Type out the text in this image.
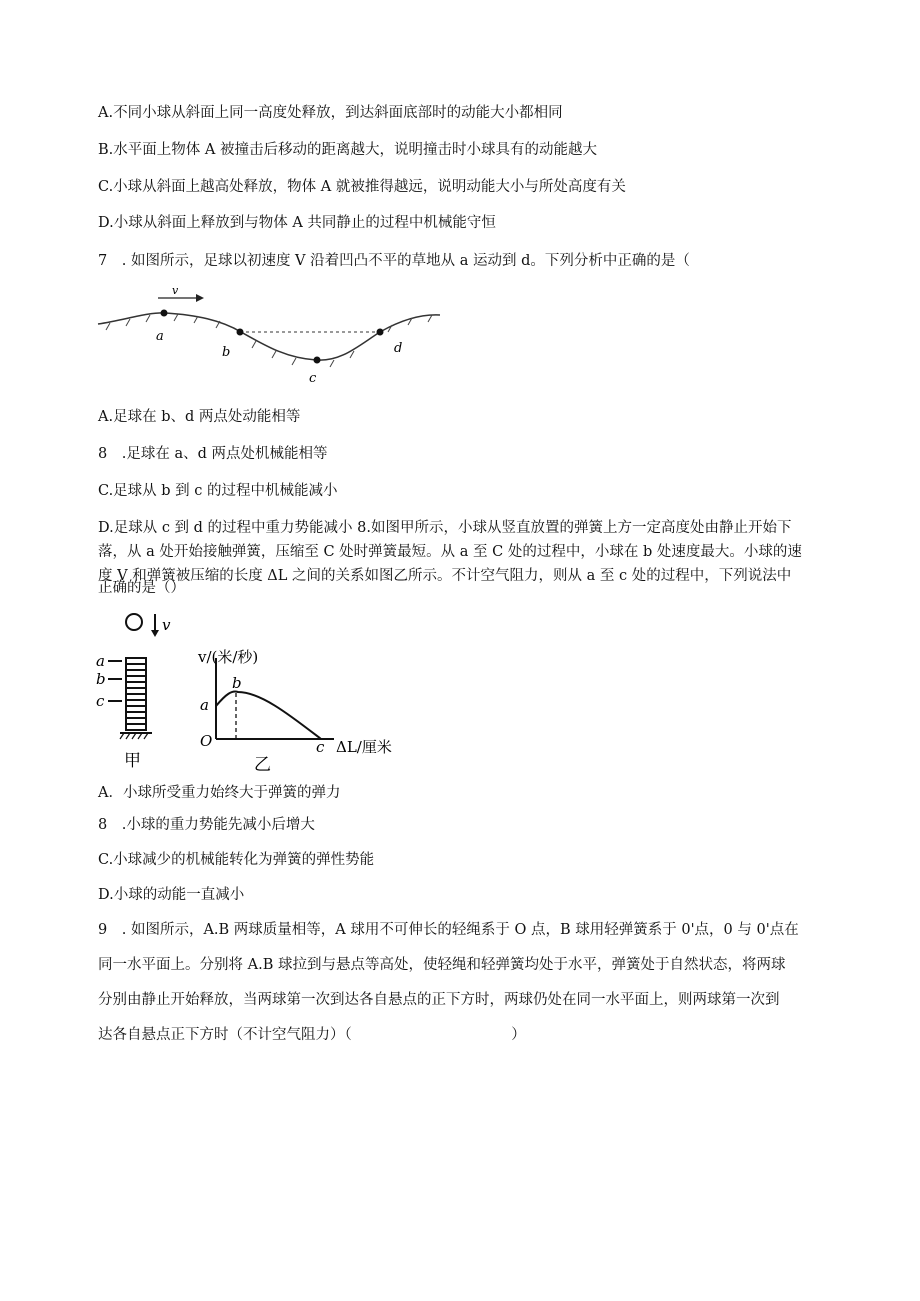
A.不同小球从斜面上同一高度处释放，到达斜面底部时的动能大小都相同
B.水平面上物体 A 被撞击后移动的距离越大，说明撞击时小球具有的动能越大
C.小球从斜面上越高处释放，物体 A 就被推得越远，说明动能大小与所处高度有关
D.小球从斜面上释放到与物体 A 共同静止的过程中机械能守恒
7　. 如图所示，足球以初速度 V 沿着凹凸不平的草地从 a 运动到 d。下列分析中正确的是（
v
a
b
c
d
A.足球在 b、d 两点处动能相等
8　.足球在 a、d 两点处机械能相等
C.足球从 b 到 c 的过程中机械能减小
D.足球从 c 到 d 的过程中重力势能减小 8.如图甲所示，小球从竖直放置的弹簧上方一定高度处由静止开始下
落，从 a 处开始接触弹簧，压缩至 C 处时弹簧最短。从 a 至 C 处的过程中，小球在 b 处速度最大。小球的速
度 V 和弹簧被压缩的长度 ΔL 之间的关系如图乙所示。不计空气阻力，则从 a 至 c 处的过程中，下列说法中
正确的是（）
v
a
b
c
甲
v/(米/秒)
ΔL/厘米
O
a
b
c
乙
A．小球所受重力始终大于弹簧的弹力
8　.小球的重力势能先减小后增大
C.小球减少的机械能转化为弹簧的弹性势能
D.小球的动能一直减小
9　. 如图所示，A.B 两球质量相等，A 球用不可伸长的轻绳系于 O 点，B 球用轻弹簧系于 0'点，0 与 0'点在
同一水平面上。分别将 A.B 球拉到与悬点等高处，使轻绳和轻弹簧均处于水平，弹簧处于自然状态，将两球
分别由静止开始释放，当两球第一次到达各自悬点的正下方时，两球仍处在同一水平面上，则两球第一次到
达各自悬点正下方时（不计空气阻力）（　　　　　　　　　　　）
